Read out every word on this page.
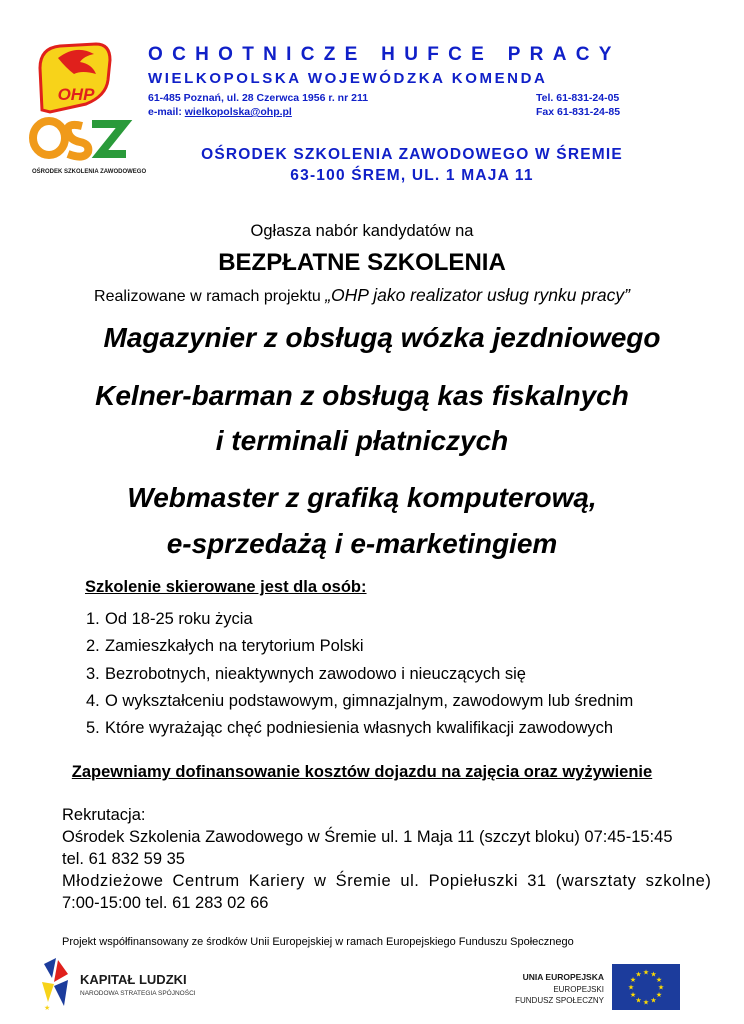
OHP
OŚRODEK SZKOLENIA ZAWODOWEGO
OCHOTNICZE HUFCE PRACY
WIELKOPOLSKA WOJEWÓDZKA KOMENDA
61-485 Poznań, ul. 28 Czerwca 1956 r. nr 211	Tel. 61-831-24-05
e-mail: wielkopolska@ohp.pl	Fax 61-831-24-85
OŚRODEK SZKOLENIA ZAWODOWEGO W ŚREMIE
63-100 ŚREM, UL. 1 MAJA 11
Ogłasza nabór kandydatów na
BEZPŁATNE SZKOLENIA
Realizowane w ramach projektu „OHP jako realizator usług rynku pracy”
Magazynier z obsługą wózka jezdniowego
Kelner-barman z obsługą kas fiskalnych
i terminali płatniczych
Webmaster z grafiką komputerową,
e-sprzedażą i e-marketingiem
Szkolenie skierowane jest dla osób:
1. Od 18-25 roku życia
2. Zamieszkałych na terytorium Polski
3. Bezrobotnych, nieaktywnych zawodowo i nieuczących się
4. O wykształceniu podstawowym, gimnazjalnym, zawodowym lub średnim
5. Które wyrażając chęć podniesienia własnych kwalifikacji zawodowych
Zapewniamy dofinansowanie kosztów dojazdu na zajęcia oraz wyżywienie
Rekrutacja:
Ośrodek Szkolenia Zawodowego w Śremie ul. 1 Maja 11 (szczyt bloku) 07:45-15:45
tel. 61 832 59 35
Młodzieżowe Centrum Kariery w Śremie ul. Popiełuszki 31 (warsztaty szkolne)
7:00-15:00 tel. 61 283 02 66
Projekt współfinansowany ze środków Unii Europejskiej w ramach Europejskiego Funduszu Społecznego
★
KAPITAŁ LUDZKI
NARODOWA STRATEGIA SPÓJNOŚCI
UNIA EUROPEJSKA
EUROPEJSKI
FUNDUSZ SPOŁECZNY
★ ★
★
★
★
★
★
★
★
★
★
★
